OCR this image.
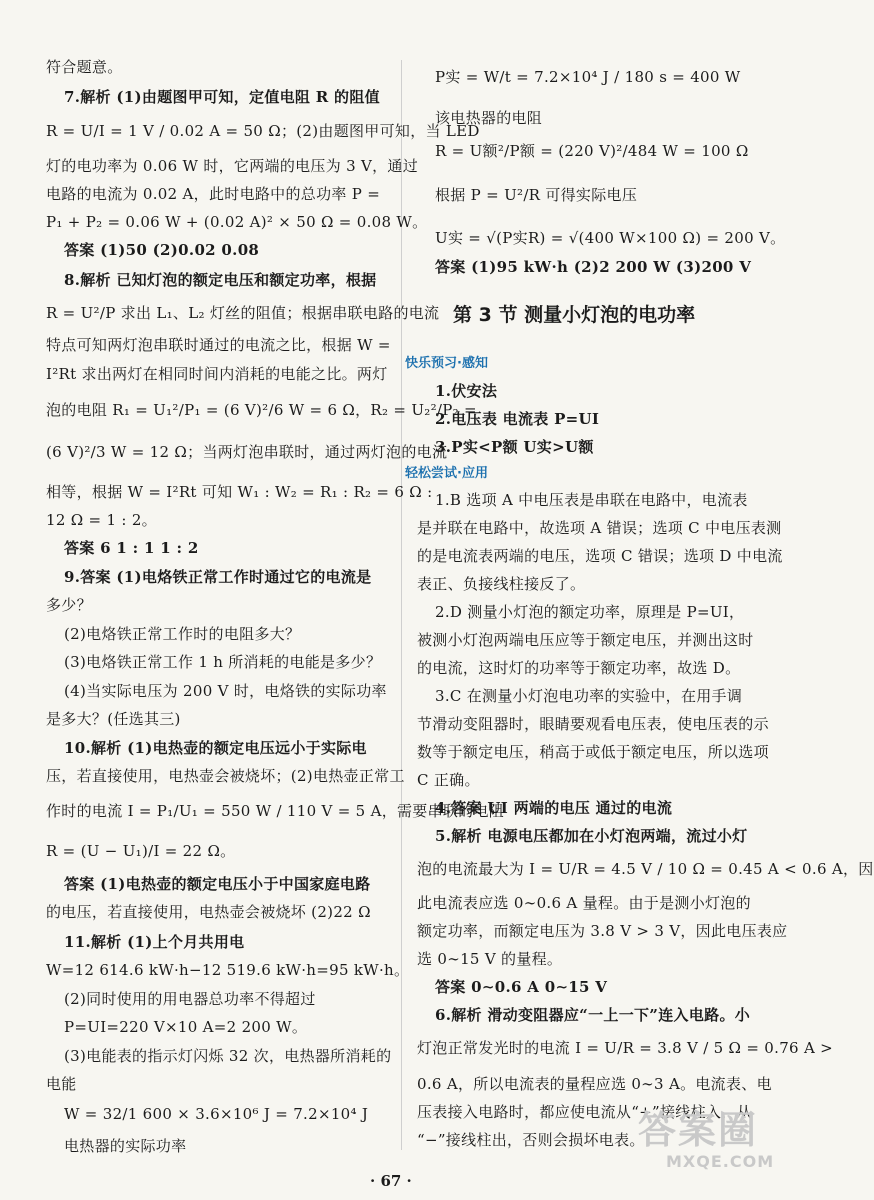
符合题意。
7.解析 (1)由题图甲可知，定值电阻 R 的阻值
R = U/I = 1 V / 0.02 A = 50 Ω；(2)由题图甲可知，当 LED
灯的电功率为 0.06 W 时，它两端的电压为 3 V，通过
电路的电流为 0.02 A，此时电路中的总功率 P =
P₁ + P₂ = 0.06 W + (0.02 A)² × 50 Ω = 0.08 W。
答案 (1)50 (2)0.02 0.08
8.解析 已知灯泡的额定电压和额定功率，根据
R = U²/P 求出 L₁、L₂ 灯丝的阻值；根据串联电路的电流
特点可知两灯泡串联时通过的电流之比，根据 W =
I²Rt 求出两灯在相同时间内消耗的电能之比。两灯
泡的电阻 R₁ = U₁²/P₁ = (6 V)²/6 W = 6 Ω，R₂ = U₂²/P₂ =
(6 V)²/3 W = 12 Ω；当两灯泡串联时，通过两灯泡的电流
相等，根据 W = I²Rt 可知 W₁ : W₂ = R₁ : R₂ = 6 Ω :
12 Ω = 1 : 2。
答案 6 1 : 1 1 : 2
9.答案 (1)电烙铁正常工作时通过它的电流是
多少？
(2)电烙铁正常工作时的电阻多大？
(3)电烙铁正常工作 1 h 所消耗的电能是多少？
(4)当实际电压为 200 V 时，电烙铁的实际功率
是多大？(任选其三)
10.解析 (1)电热壶的额定电压远小于实际电
压，若直接使用，电热壶会被烧坏；(2)电热壶正常工
作时的电流 I = P₁/U₁ = 550 W / 110 V = 5 A，需要串联的电阻
R = (U − U₁)/I = 22 Ω。
答案 (1)电热壶的额定电压小于中国家庭电路
的电压，若直接使用，电热壶会被烧坏 (2)22 Ω
11.解析 (1)上个月共用电
W=12 614.6 kW·h−12 519.6 kW·h=95 kW·h。
(2)同时使用的用电器总功率不得超过
P=UI=220 V×10 A=2 200 W。
(3)电能表的指示灯闪烁 32 次，电热器所消耗的
电能
W = 32/1 600 × 3.6×10⁶ J = 7.2×10⁴ J
电热器的实际功率
P实 = W/t = 7.2×10⁴ J / 180 s = 400 W
该电热器的电阻
R = U额²/P额 = (220 V)²/484 W = 100 Ω
根据 P = U²/R 可得实际电压
U实 = √(P实R) = √(400 W×100 Ω) = 200 V。
答案 (1)95 kW·h (2)2 200 W (3)200 V
第 3 节 测量小灯泡的电功率
快乐预习·感知
1.伏安法
2.电压表 电流表 P=UI
3.P实<P额 U实>U额
轻松尝试·应用
1.B 选项 A 中电压表是串联在电路中，电流表
是并联在电路中，故选项 A 错误；选项 C 中电压表测
的是电流表两端的电压，选项 C 错误；选项 D 中电流
表正、负接线柱接反了。
2.D 测量小灯泡的额定功率，原理是 P=UI，
被测小灯泡两端电压应等于额定电压，并测出这时
的电流，这时灯的功率等于额定功率，故选 D。
3.C 在测量小灯泡电功率的实验中，在用手调
节滑动变阻器时，眼睛要观看电压表，使电压表的示
数等于额定电压，稍高于或低于额定电压，所以选项
C 正确。
4.答案 UI 两端的电压 通过的电流
5.解析 电源电压都加在小灯泡两端，流过小灯
泡的电流最大为 I = U/R = 4.5 V / 10 Ω = 0.45 A < 0.6 A，因
此电流表应选 0∼0.6 A 量程。由于是测小灯泡的
额定功率，而额定电压为 3.8 V > 3 V，因此电压表应
选 0∼15 V 的量程。
答案 0∼0.6 A 0∼15 V
6.解析 滑动变阻器应“一上一下”连入电路。小
灯泡正常发光时的电流 I = U/R = 3.8 V / 5 Ω = 0.76 A >
0.6 A，所以电流表的量程应选 0∼3 A。电流表、电
压表接入电路时，都应使电流从“+”接线柱入，从
“−”接线柱出，否则会损坏电表。
· 67 ·
答案圈
MXQE.COM
